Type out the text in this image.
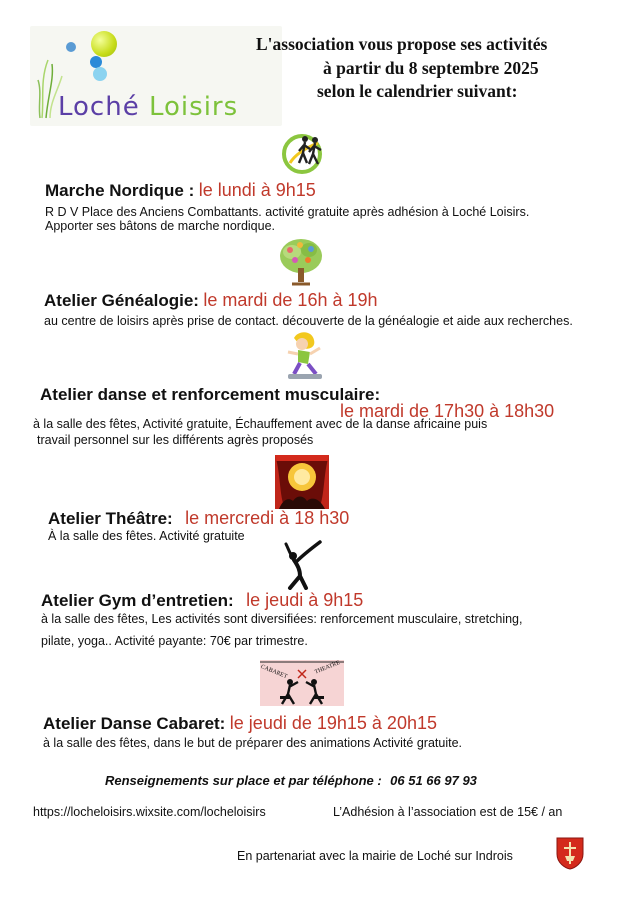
Loché Loisirs
L'association vous propose ses activités
à partir du 8 septembre 2025
selon le calendrier suivant:
Marche Nordique : le lundi à 9h15
R D V Place des Anciens Combattants. activité gratuite après adhésion à Loché Loisirs.
Apporter ses bâtons de marche nordique.
Atelier Généalogie: le mardi de 16h à 19h
au centre de loisirs après prise de contact. découverte de la généalogie et aide aux recherches.
Atelier danse et renforcement musculaire:
le mardi de 17h30 à 18h30
à la salle des fêtes, Activité gratuite, Échauffement avec de la danse africaine puis
travail personnel sur les différents agrès proposés
Atelier Théâtre: le mercredi à 18 h30
À la salle des fêtes. Activité gratuite
Atelier Gym d’entretien: le jeudi à 9h15
à la salle des fêtes, Les activités sont diversifiées: renforcement musculaire, stretching,
pilate, yoga.. Activité payante: 70€ par trimestre.
CABARET	THEATRE
Atelier Danse Cabaret: le jeudi de 19h15 à 20h15
à la salle des fêtes, dans le but de préparer des animations Activité gratuite.
Renseignements sur place et par téléphone : 06 51 66 97 93
https://locheloisirs.wixsite.com/locheloisirs	L’Adhésion à l’association est de 15€ / an
En partenariat avec la mairie de Loché sur Indrois
